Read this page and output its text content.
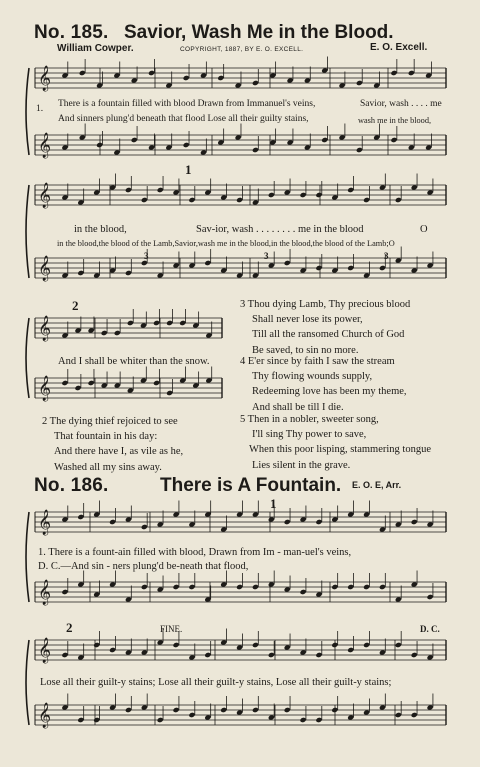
𝄞
𝄞
𝄞
𝄞
𝄞
𝄞
𝄞
𝄞
𝄞
𝄞
No. 185. Savior, Wash Me in the Blood.
William Cowper.	COPYRIGHT, 1887, BY E. O. EXCELL.	E. O. Excell.
1. There is a fountain filled with blood Drawn from Immanuel's veins,	Savior, wash . . . . me
And sinners plung'd beneath that flood Lose all their guilty stains,	wash me in the blood,
1
in the blood,	Sav-ior, wash . . . . . . . . me in the blood	O
in the blood,the blood of the Lamb,Savior,wash me in the blood,in the blood,the blood of the Lamb;O
3	3	3
2
And I shall be whiter than the snow.
3 Thou dying Lamb, Thy precious blood
Shall never lose its power,
Till all the ransomed Church of God
Be saved, to sin no more.
4 E'er since by faith I saw the stream
Thy flowing wounds supply,
Redeeming love has been my theme,
And shall be till I die.
5 Then in a nobler, sweeter song,
I'll sing Thy power to save,
When this poor lisping, stammering tongue
Lies silent in the grave.
2 The dying thief rejoiced to see
That fountain in his day:
And there have I, as vile as he,
Washed all my sins away.
No. 186.	There is A Fountain. E. O. E, Arr.
1
1. There is a fount-ain filled with blood, Drawn from Im - man-uel's veins,
D. C.—And sin - ners plung'd be-neath that flood,
2	FINE.	D. C.
Lose all their guilt-y stains; Lose all their guilt-y stains, Lose all their guilt-y stains;
